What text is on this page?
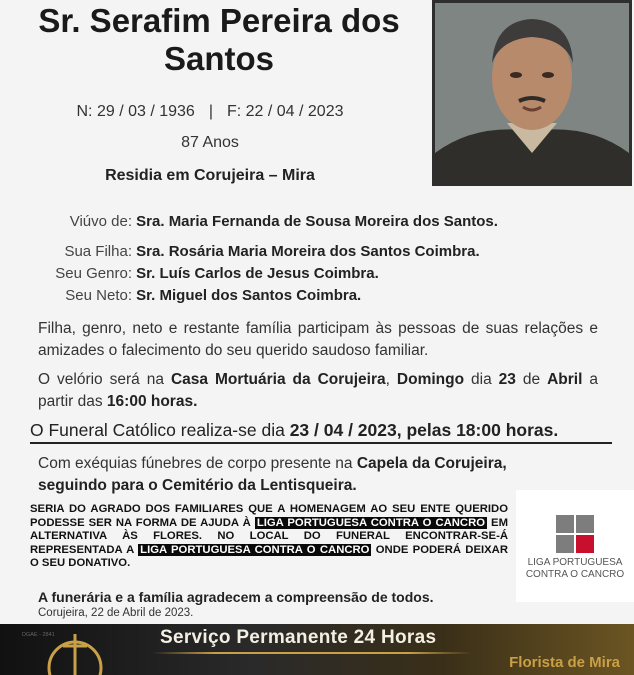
Sr. Serafim Pereira dos Santos
N: 29 / 03 / 1936 | F: 22 / 04 / 2023
87 Anos
Residia em Corujeira – Mira
Viúvo de: Sra. Maria Fernanda de Sousa Moreira dos Santos.
Sua Filha: Sra. Rosária Maria Moreira dos Santos Coimbra.
Seu Genro: Sr. Luís Carlos de Jesus Coimbra.
Seu Neto: Sr. Miguel dos Santos Coimbra.
Filha, genro, neto e restante família participam às pessoas de suas relações e amizades o falecimento do seu querido saudoso familiar.
O velório será na Casa Mortuária da Corujeira, Domingo dia 23 de Abril a partir das 16:00 horas.
O Funeral Católico realiza-se dia 23 / 04 / 2023, pelas 18:00 horas.
Com exéquias fúnebres de corpo presente na Capela da Corujeira,
seguindo para o Cemitério da Lentisqueira.
SERIA DO AGRADO DOS FAMILIARES QUE A HOMENAGEM AO SEU ENTE QUERIDO PODESSE SER NA FORMA DE AJUDA À LIGA PORTUGUESA CONTRA O CANCRO EM ALTERNATIVA ÀS FLORES. NO LOCAL DO FUNERAL ENCONTRAR-SE-Á REPRESENTADA A LIGA PORTUGUESA CONTRA O CANCRO ONDE PODERÁ DEIXAR O SEU DONATIVO.	LIGA PORTUGUESA
CONTRA O CANCRO
A funerária e a família agradecem a compreensão de todos.
Corujeira, 22 de Abril de 2023.
Serviço Permanente 24 Horas
Florista de Mira
DGAE - 2841
